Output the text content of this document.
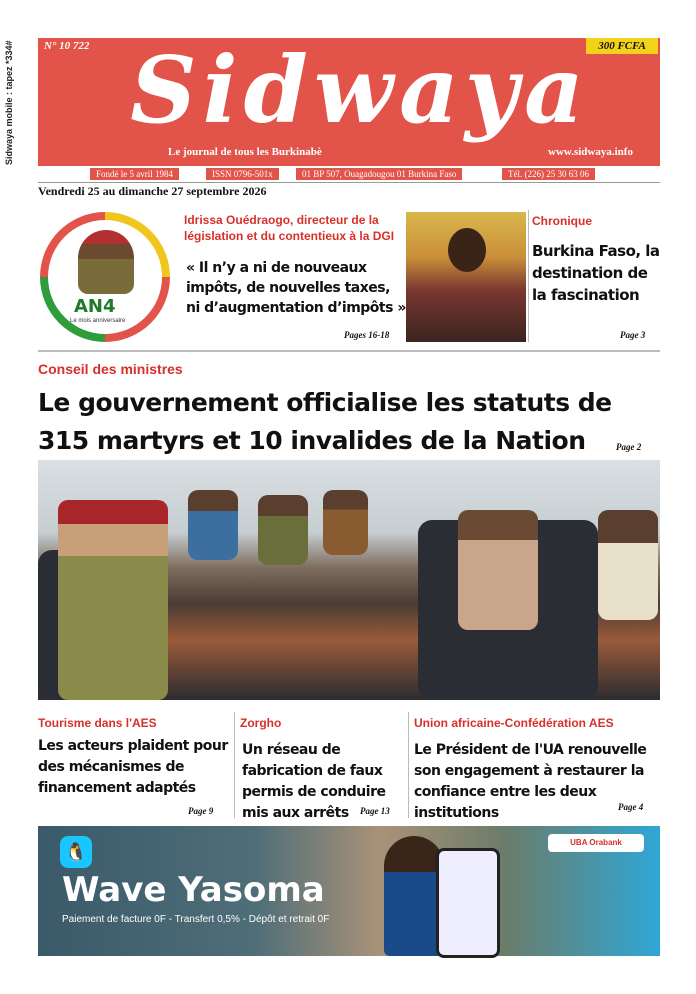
Sidwaya mobile : tapez *334#	N° 10 722	300 FCFA
Sidwaya
Le journal de tous les Burkinabè	www.sidwaya.info
Fondé le 5 avril 1984	ISSN 0796-501x	01 BP 507, Ouagadougou 01 Burkina Faso	Tél. (226) 25 30 63 06
Vendredi 25 au dimanche 27 septembre 2026
AN4
Le mois anniversaire
Idrissa Ouédraogo, directeur de la législation et du contentieux à la DGI
« Il n’y a ni de nouveaux impôts, de nouvelles taxes, ni d’augmentation d’impôts »
Pages 16-18
Chronique
Burkina Faso, la destination de la fascination
Page 3
Conseil des ministres
Le gouvernement officialise les statuts de 315 martyrs et 10 invalides de la Nation	Page 2
Tourisme dans l'AES
Les acteurs plaident pour des mécanismes de financement adaptés
Page 9
Zorgho
Un réseau de fabrication de faux permis de conduire mis aux arrêts	Page 13
Union africaine-Confédération AES
Le Président de l'UA renouvelle son engagement à restaurer la confiance entre les deux institutions	Page 4
🐧
Wave Yasoma
Paiement de facture 0F - Transfert 0,5% - Dépôt et retrait 0F
UBA Orabank
